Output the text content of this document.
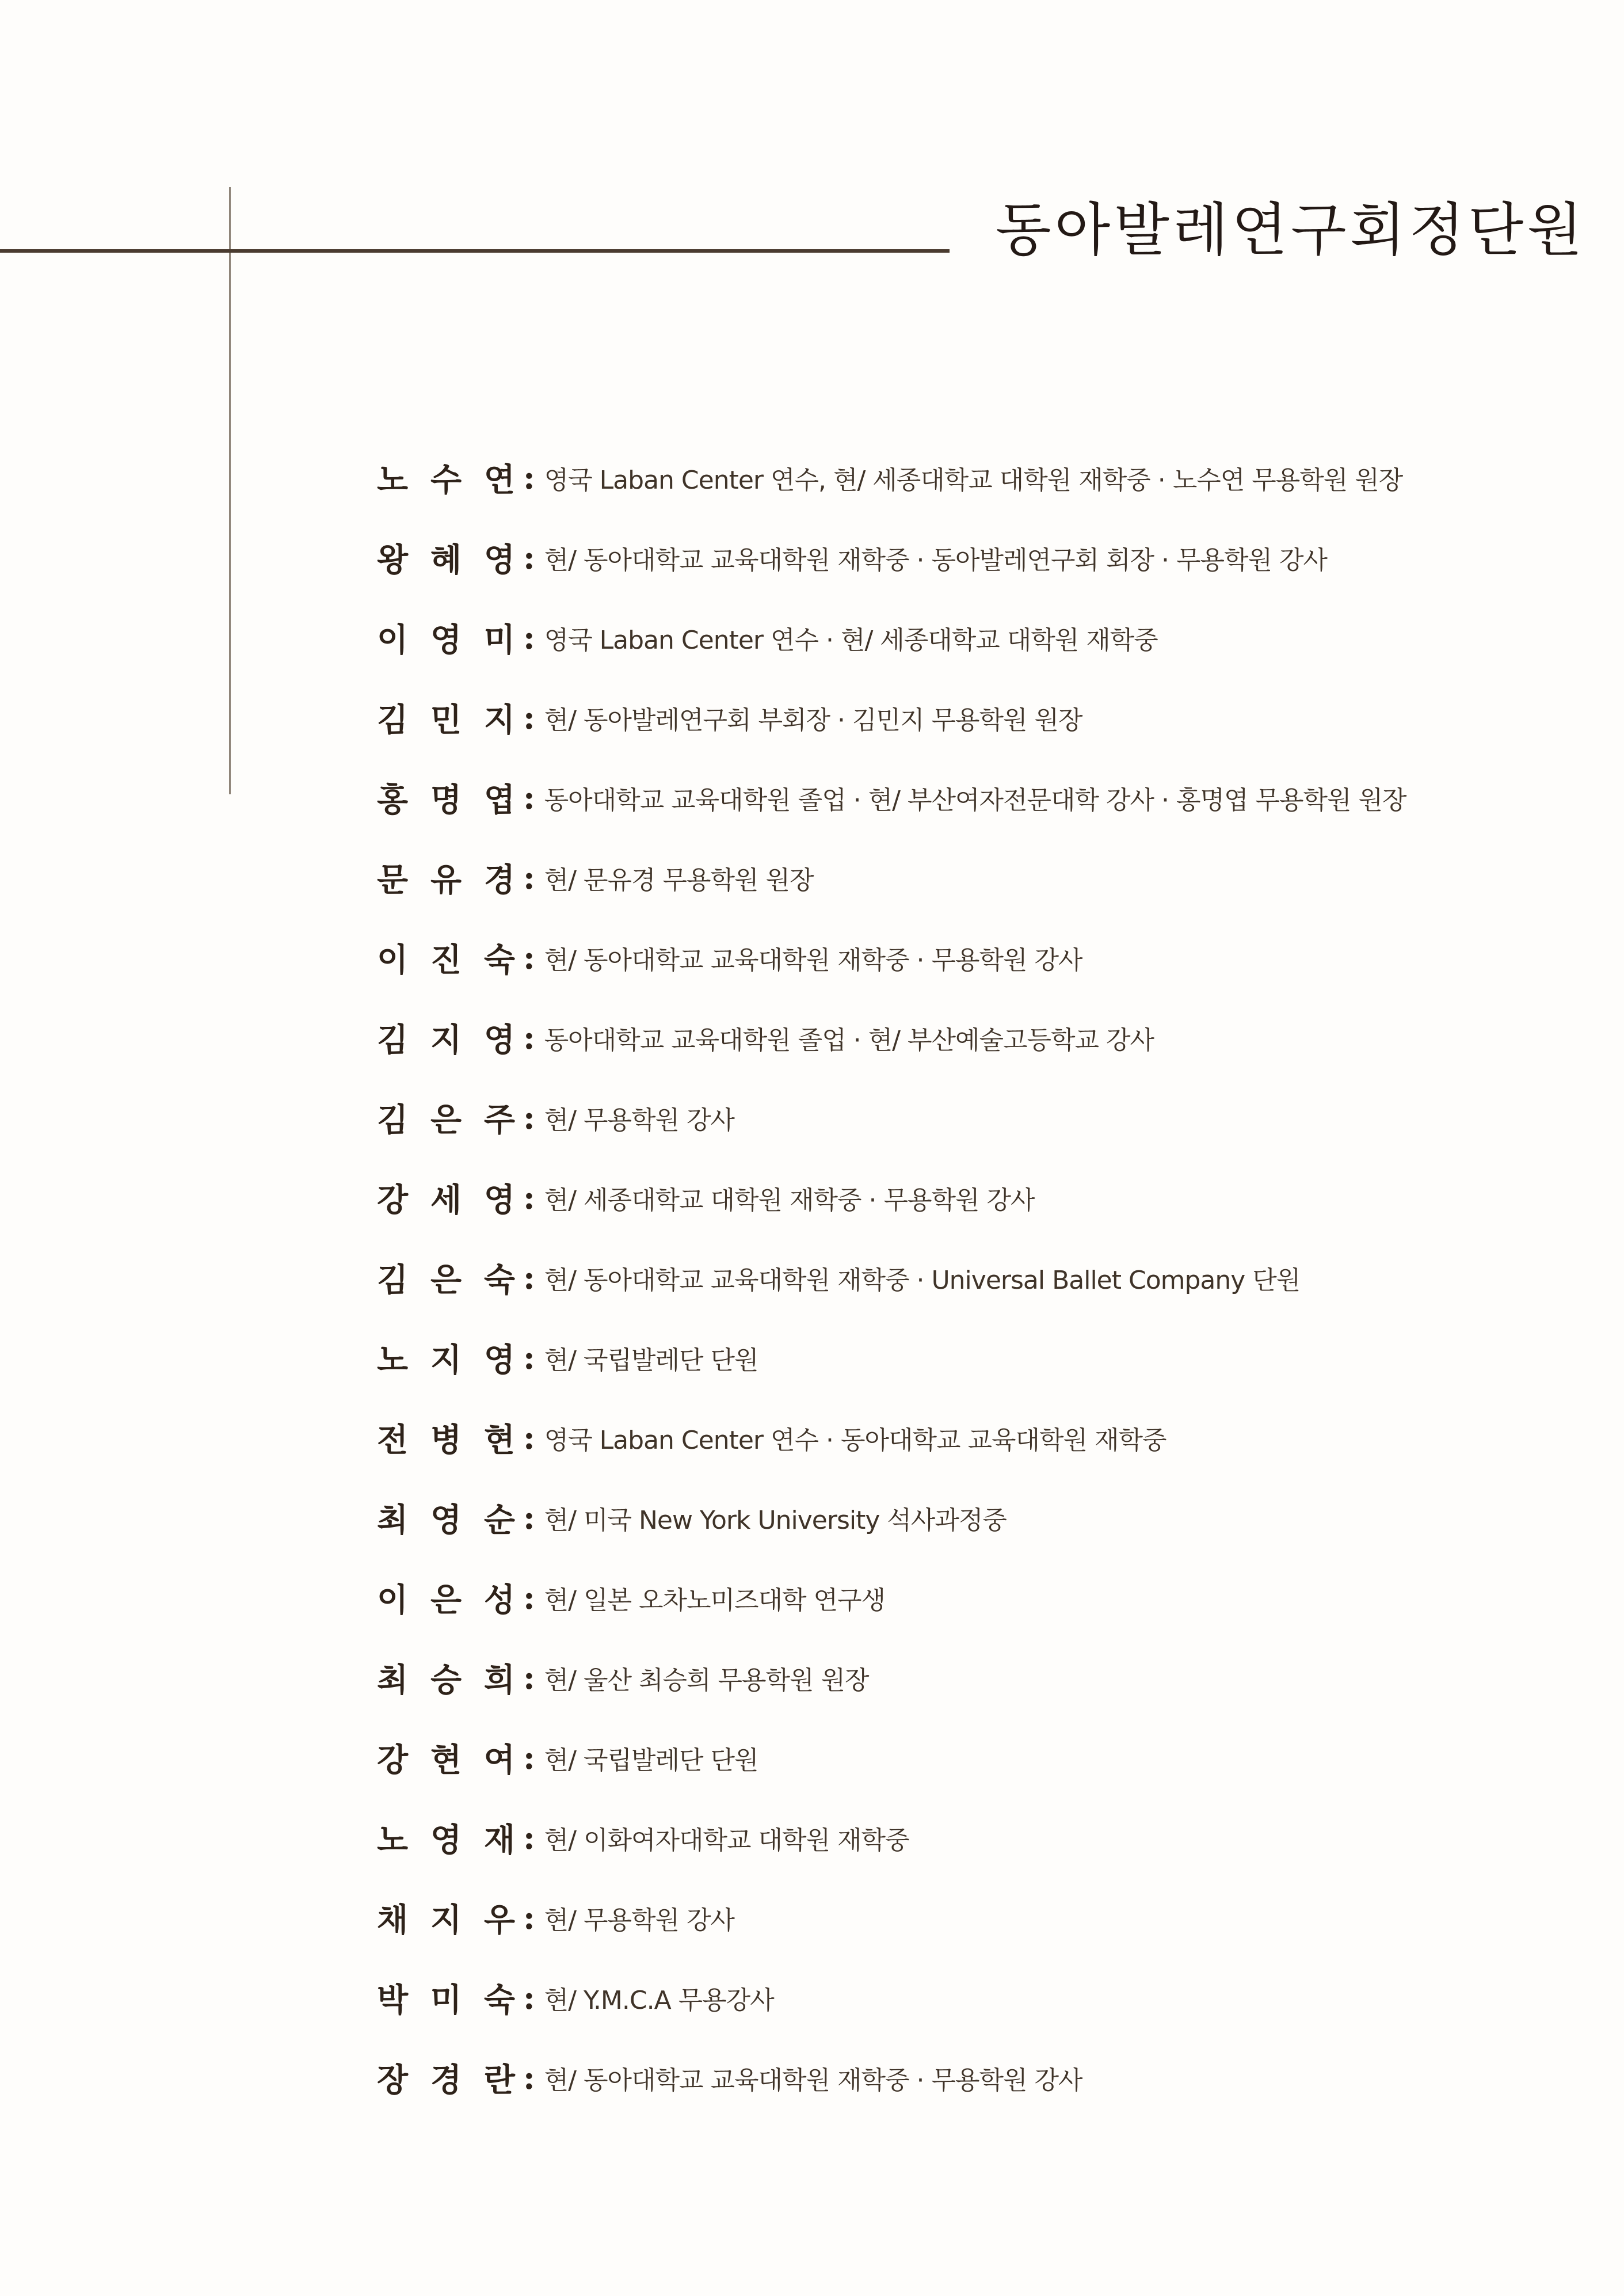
동아발레연구회정단원
노 수 연 : 영국 Laban Center 연수, 현/ 세종대학교 대학원 재학중 · 노수연 무용학원 원장
왕 혜 영 : 현/ 동아대학교 교육대학원 재학중 · 동아발레연구회 회장 · 무용학원 강사
이 영 미 : 영국 Laban Center 연수 · 현/ 세종대학교 대학원 재학중
김 민 지 : 현/ 동아발레연구회 부회장 · 김민지 무용학원 원장
홍 명 엽 : 동아대학교 교육대학원 졸업 · 현/ 부산여자전문대학 강사 · 홍명엽 무용학원 원장
문 유 경 : 현/ 문유경 무용학원 원장
이 진 숙 : 현/ 동아대학교 교육대학원 재학중 · 무용학원 강사
김 지 영 : 동아대학교 교육대학원 졸업 · 현/ 부산예술고등학교 강사
김 은 주 : 현/ 무용학원 강사
강 세 영 : 현/ 세종대학교 대학원 재학중 · 무용학원 강사
김 은 숙 : 현/ 동아대학교 교육대학원 재학중 · Universal Ballet Company 단원
노 지 영 : 현/ 국립발레단 단원
전 병 현 : 영국 Laban Center 연수 · 동아대학교 교육대학원 재학중
최 영 순 : 현/ 미국 New York University 석사과정중
이 은 성 : 현/ 일본 오차노미즈대학 연구생
최 승 희 : 현/ 울산 최승희 무용학원 원장
강 현 여 : 현/ 국립발레단 단원
노 영 재 : 현/ 이화여자대학교 대학원 재학중
채 지 우 : 현/ 무용학원 강사
박 미 숙 : 현/ Y.M.C.A 무용강사
장 경 란 : 현/ 동아대학교 교육대학원 재학중 · 무용학원 강사
